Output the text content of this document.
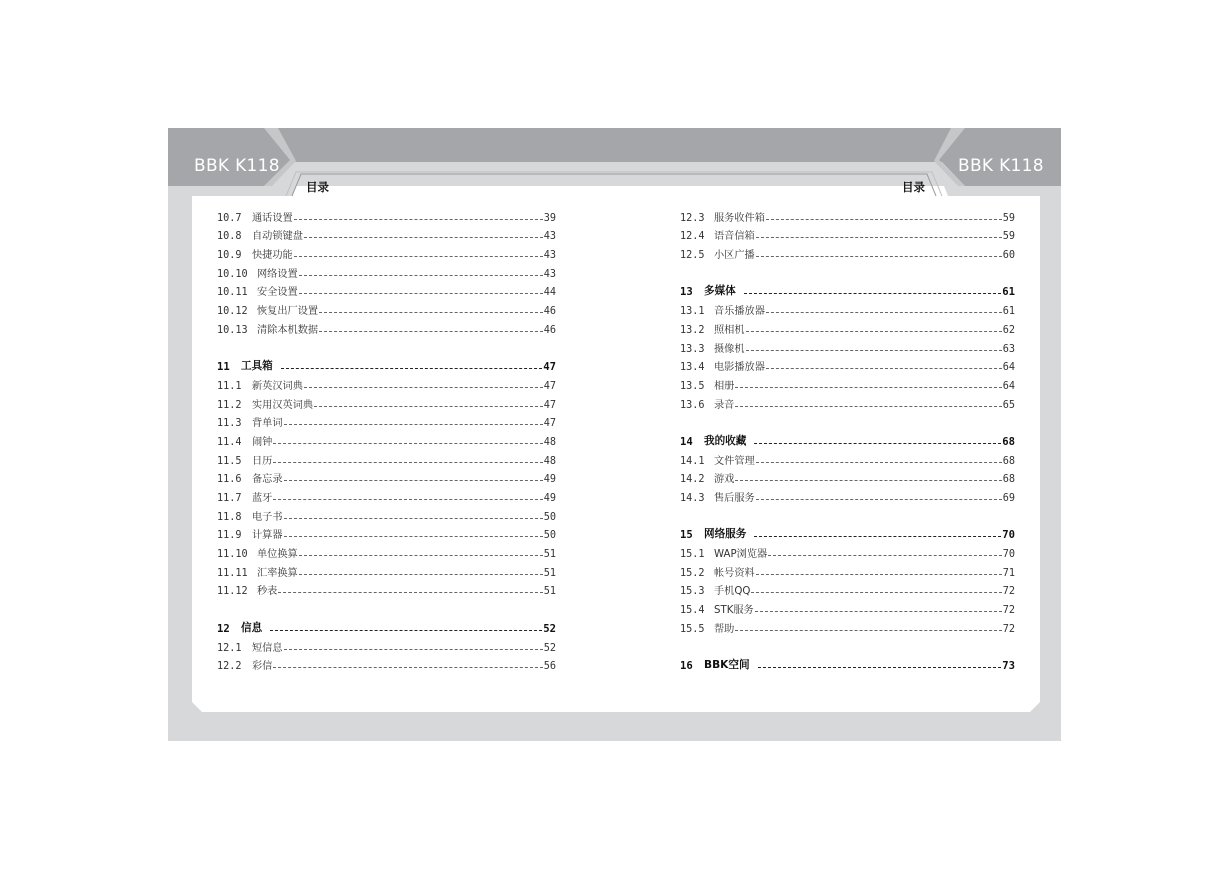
BBK K118	BBK K118
目录	目录
10.7	通话设置	39
10.8	自动锁键盘	43
10.9	快捷功能	43
10.10 网络设置	43
10.11 安全设置	44
10.12 恢复出厂设置	46
10.13 清除本机数据	46
11	工具箱	47
11.1	新英汉词典	47
11.2	实用汉英词典	47
11.3	背单词	47
11.4	闹钟	48
11.5	日历	48
11.6	备忘录	49
11.7	蓝牙	49
11.8	电子书	50
11.9	计算器	50
11.10 单位换算	51
11.11 汇率换算	51
11.12 秒表	51
12	信息	52
12.1	短信息	52
12.2	彩信	56
12.3 服务收件箱	59
12.4 语音信箱	59
12.5 小区广播	60
13	多媒体	61
13.1 音乐播放器	61
13.2 照相机	62
13.3 摄像机	63
13.4 电影播放器	64
13.5 相册	64
13.6 录音	65
14	我的收藏	68
14.1 文件管理	68
14.2 游戏	68
14.3 售后服务	69
15	网络服务	70
15.1 WAP浏览器	70
15.2 帐号资料	71
15.3 手机QQ	72
15.4 STK服务	72
15.5 帮助	72
16	BBK空间	73
